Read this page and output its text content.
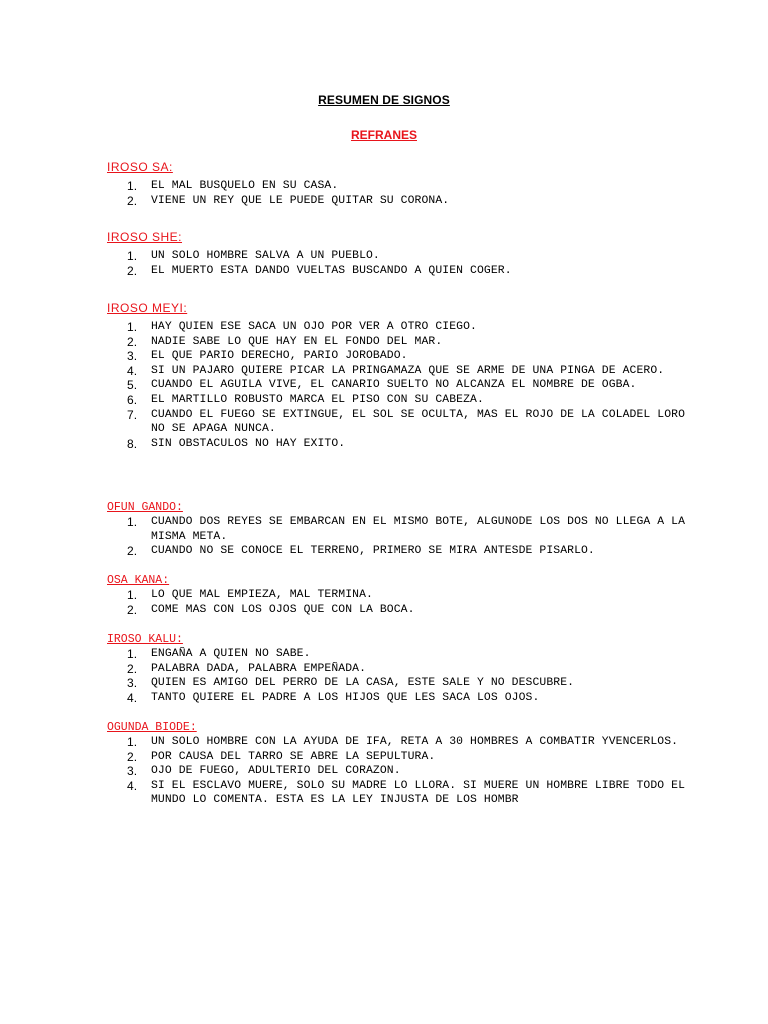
RESUMEN DE SIGNOS
REFRANES
IROSO SA:
1. EL MAL BUSQUELO EN SU CASA.
2. VIENE UN REY QUE LE PUEDE QUITAR SU CORONA.
IROSO SHE:
1. UN SOLO HOMBRE SALVA A UN PUEBLO.
2. EL MUERTO ESTA DANDO VUELTAS BUSCANDO A QUIEN COGER.
IROSO MEYI:
1. HAY QUIEN ESE SACA UN OJO POR VER A OTRO CIEGO.
2. NADIE SABE LO QUE HAY EN EL FONDO DEL MAR.
3. EL QUE PARIO DERECHO, PARIO JOROBADO.
4. SI UN PAJARO QUIERE PICAR LA PRINGAMAZA QUE SE ARME DE UNA PINGA DE ACERO.
5. CUANDO EL AGUILA VIVE, EL CANARIO SUELTO NO ALCANZA EL NOMBRE DE OGBA.
6. EL MARTILLO ROBUSTO MARCA EL PISO CON SU CABEZA.
7. CUANDO EL FUEGO SE EXTINGUE, EL SOL SE OCULTA, MAS EL ROJO DE LA COLADEL LORO NO SE APAGA NUNCA.
8. SIN OBSTACULOS NO HAY EXITO.
OFUN GANDO:
1. CUANDO DOS REYES SE EMBARCAN EN EL MISMO BOTE, ALGUNODE LOS DOS NO LLEGA A LA MISMA META.
2. CUANDO NO SE CONOCE EL TERRENO, PRIMERO SE MIRA ANTESDE PISARLO.
OSA KANA:
1. LO QUE MAL EMPIEZA, MAL TERMINA.
2. COME MAS CON LOS OJOS QUE CON LA BOCA.
IROSO KALU:
1. ENGAÑA A QUIEN NO SABE.
2. PALABRA DADA, PALABRA EMPEÑADA.
3. QUIEN ES AMIGO DEL PERRO DE LA CASA, ESTE SALE Y NO DESCUBRE.
4. TANTO QUIERE EL PADRE A LOS HIJOS QUE LES SACA LOS OJOS.
OGUNDA BIODE:
1. UN SOLO HOMBRE CON LA AYUDA DE IFA, RETA A 30 HOMBRES A COMBATIR YVENCERLOS.
2. POR CAUSA DEL TARRO SE ABRE LA SEPULTURA.
3. OJO DE FUEGO, ADULTERIO DEL CORAZON.
4. SI EL ESCLAVO MUERE, SOLO SU MADRE LO LLORA. SI MUERE UN HOMBRE LIBRE TODO EL MUNDO LO COMENTA. ESTA ES LA LEY INJUSTA DE LOS HOMBR
